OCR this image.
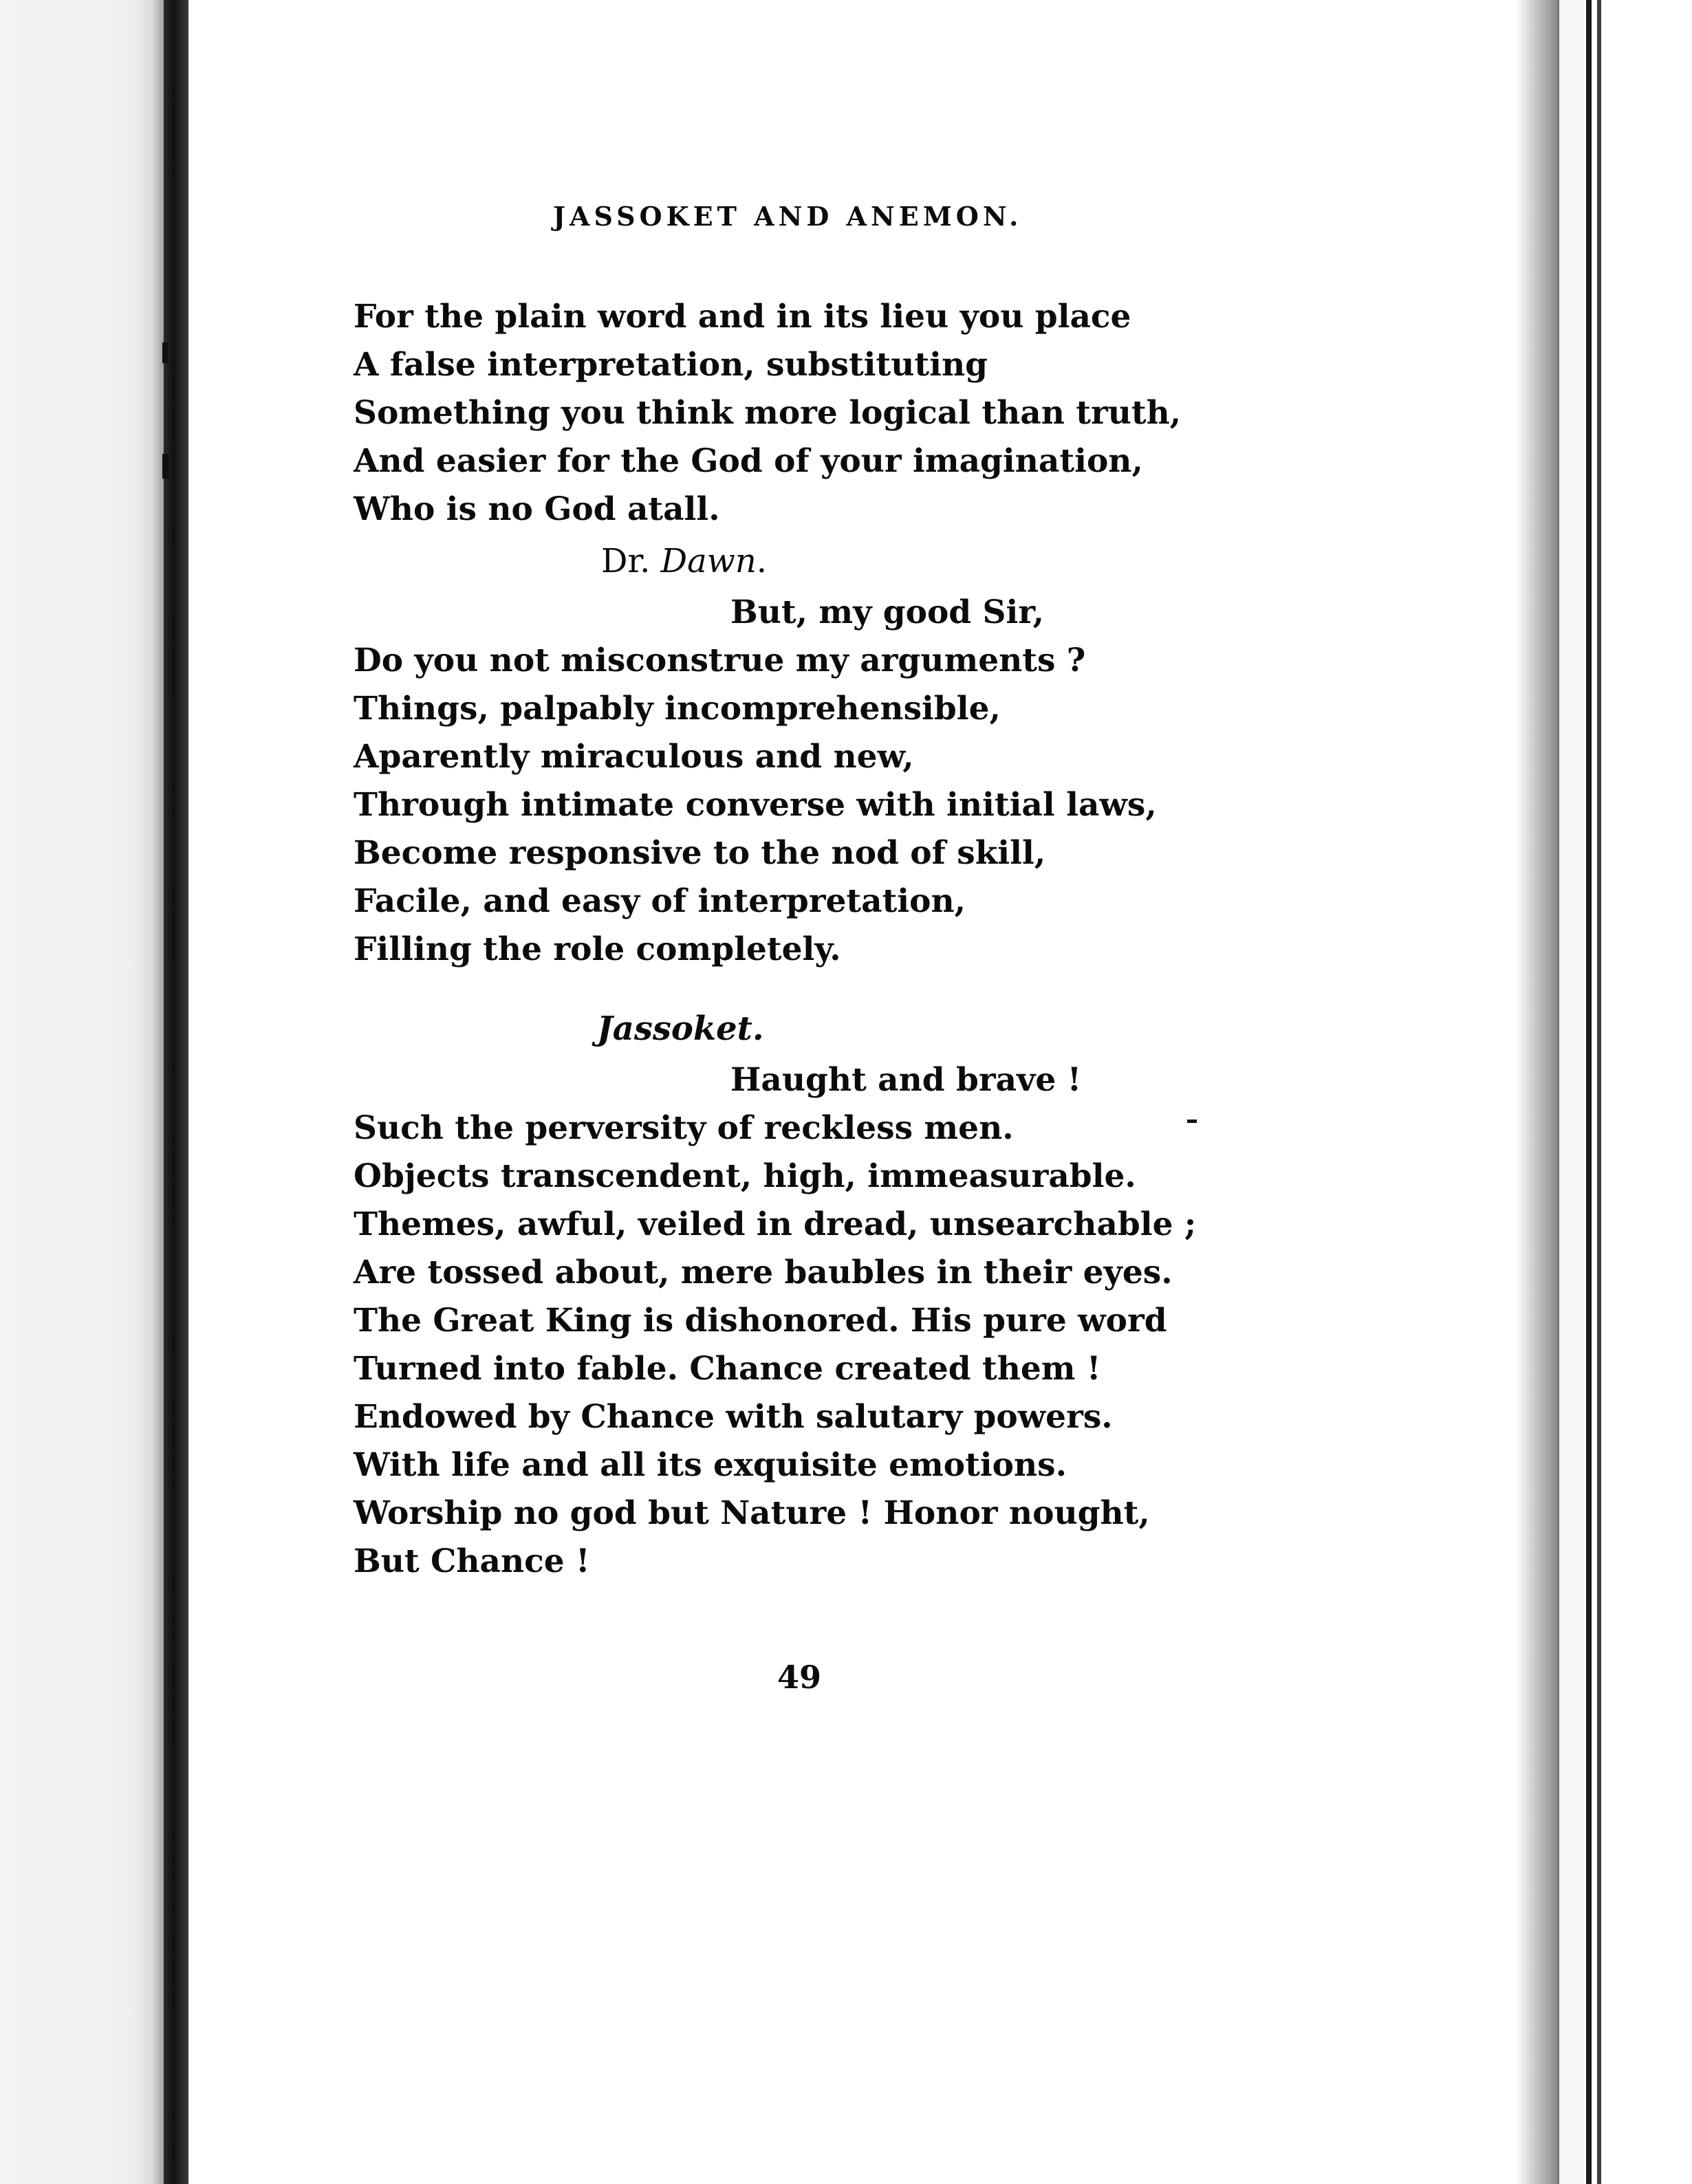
JASSOKET AND ANEMON.
For the plain word and in its lieu you place
A false interpretation, substituting
Something you think more logical than truth,
And easier for the God of your imagination,
Who is no God atall.
Dr. Dawn.
But, my good Sir,
Do you not misconstrue my arguments ?
Things, palpably incomprehensible,
Aparently miraculous and new,
Through intimate converse with initial laws,
Become responsive to the nod of skill,
Facile, and easy of interpretation,
Filling the role completely.
Jassoket.
Haught and brave !
Such the perversity of reckless men.
Objects transcendent, high, immeasurable.
Themes, awful, veiled in dread, unsearchable ;
Are tossed about, mere baubles in their eyes.
The Great King is dishonored. His pure word
Turned into fable. Chance created them !
Endowed by Chance with salutary powers.
With life and all its exquisite emotions.
Worship no god but Nature ! Honor nought,
But Chance !
49
